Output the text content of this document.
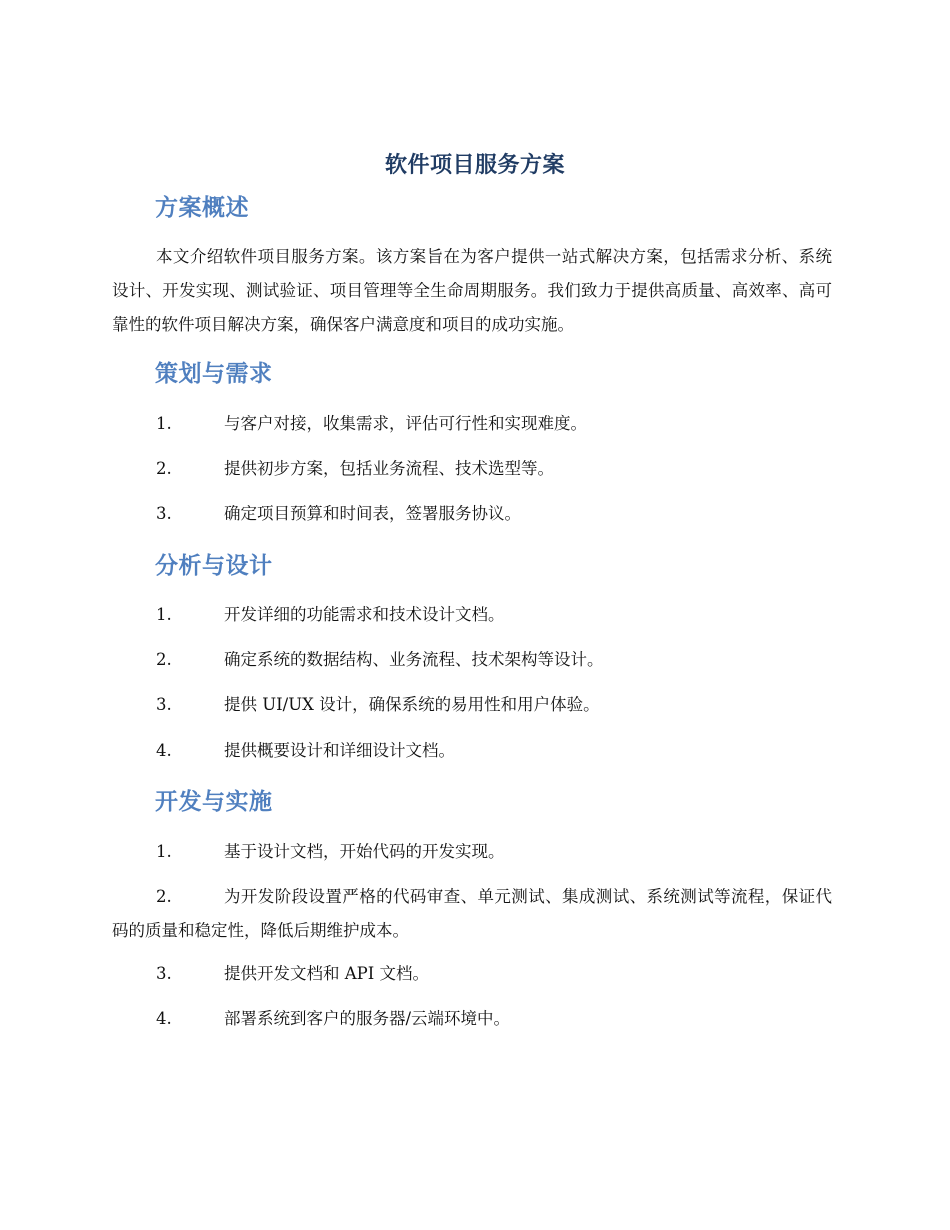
软件项目服务方案
方案概述
本文介绍软件项目服务方案。该方案旨在为客户提供一站式解决方案，包括需求分析、系统设计、开发实现、测试验证、项目管理等全生命周期服务。我们致力于提供高质量、高效率、高可靠性的软件项目解决方案，确保客户满意度和项目的成功实施。
策划与需求
1.	与客户对接，收集需求，评估可行性和实现难度。
2.	提供初步方案，包括业务流程、技术选型等。
3.	确定项目预算和时间表，签署服务协议。
分析与设计
1.	开发详细的功能需求和技术设计文档。
2.	确定系统的数据结构、业务流程、技术架构等设计。
3.	提供 UI/UX 设计，确保系统的易用性和用户体验。
4.	提供概要设计和详细设计文档。
开发与实施
1.	基于设计文档，开始代码的开发实现。
2.	为开发阶段设置严格的代码审查、单元测试、集成测试、系统测试等流程，保证代码的质量和稳定性，降低后期维护成本。
3.	提供开发文档和 API 文档。
4.	部署系统到客户的服务器/云端环境中。
